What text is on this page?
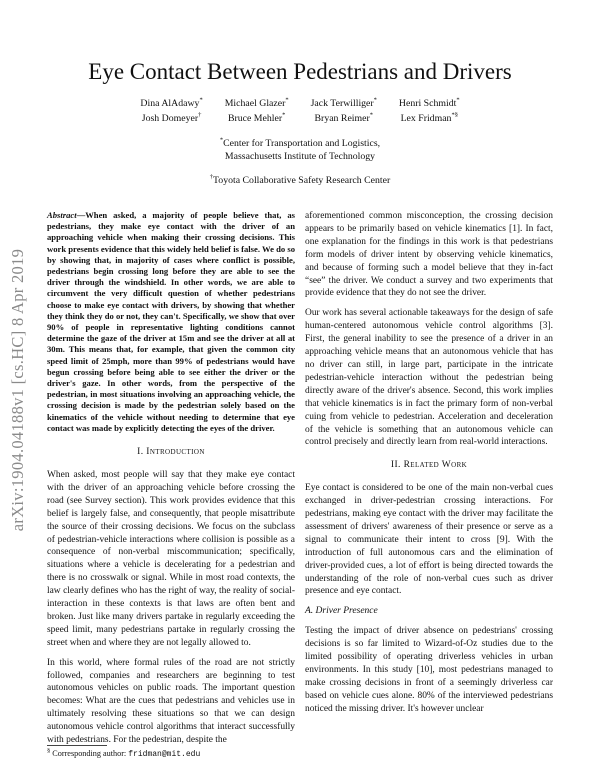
arXiv:1904.04188v1 [cs.HC] 8 Apr 2019
Eye Contact Between Pedestrians and Drivers
Dina AlAdawy* Michael Glazer* Jack Terwilliger* Henri Schmidt*
Josh Domeyer†	Bruce Mehler*	Bryan Reimer*	Lex Fridman*§
*Center for Transportation and Logistics,
Massachusetts Institute of Technology
†Toyota Collaborative Safety Research Center

Abstract—When asked, a majority of people believe that, as pedestrians, they make eye contact with the driver of an approaching vehicle when making their crossing decisions. This work presents evidence that this widely held belief is false. We do so by showing that, in majority of cases where conflict is possible, pedestrians begin crossing long before they are able to see the driver through the windshield. In other words, we are able to circumvent the very difficult question of whether pedestrians choose to make eye contact with drivers, by showing that whether they think they do or not, they can't. Specifically, we show that over 90% of people in representative lighting conditions cannot determine the gaze of the driver at 15m and see the driver at all at 30m. This means that, for example, that given the common city speed limit of 25mph, more than 99% of pedestrians would have begun crossing before being able to see either the driver or the driver's gaze. In other words, from the perspective of the pedestrian, in most situations involving an approaching vehicle, the crossing decision is made by the pedestrian solely based on the kinematics of the vehicle without needing to determine that eye contact was made by explicitly detecting the eyes of the driver.

I. Introduction

When asked, most people will say that they make eye contact with the driver of an approaching vehicle before crossing the road (see Survey section). This work provides evidence that this belief is largely false, and consequently, that people misattribute the source of their crossing decisions. We focus on the subclass of pedestrian-vehicle interactions where collision is possible as a consequence of non-verbal miscommunication; specifically, situations where a vehicle is decelerating for a pedestrian and there is no crosswalk or signal. While in most road contexts, the law clearly defines who has the right of way, the reality of social-interaction in these contexts is that laws are often bent and broken. Just like many drivers partake in regularly exceeding the speed limit, many pedestrians partake in regularly crossing the street when and where they are not legally allowed to.

In this world, where formal rules of the road are not strictly followed, companies and researchers are beginning to test autonomous vehicles on public roads. The important question becomes: What are the cues that pedestrians and vehicles use in ultimately resolving these situations so that we can design autonomous vehicle control algorithms that interact successfully with pedestrians. For the pedestrian, despite the

aforementioned common misconception, the crossing decision appears to be primarily based on vehicle kinematics [1]. In fact, one explanation for the findings in this work is that pedestrians form models of driver intent by observing vehicle kinematics, and because of forming such a model believe that they in-fact “see” the driver. We conduct a survey and two experiments that provide evidence that they do not see the driver.

Our work has several actionable takeaways for the design of safe human-centered autonomous vehicle control algorithms [3]. First, the general inability to see the presence of a driver in an approaching vehicle means that an autonomous vehicle that has no driver can still, in large part, participate in the intricate pedestrian-vehicle interaction without the pedestrian being directly aware of the driver's absence. Second, this work implies that vehicle kinematics is in fact the primary form of non-verbal cuing from vehicle to pedestrian. Acceleration and deceleration of the vehicle is something that an autonomous vehicle can control precisely and directly learn from real-world interactions.

II. Related Work

Eye contact is considered to be one of the main non-verbal cues exchanged in driver-pedestrian crossing interactions. For pedestrians, making eye contact with the driver may facilitate the assessment of drivers' awareness of their presence or serve as a signal to communicate their intent to cross [9]. With the introduction of full autonomous cars and the elimination of driver-provided cues, a lot of effort is being directed towards the understanding of the role of non-verbal cues such as driver presence and eye contact.

A. Driver Presence

Testing the impact of driver absence on pedestrians' crossing decisions is so far limited to Wizard-of-Oz studies due to the limited possibility of operating driverless vehicles in urban environments. In this study [10], most pedestrians managed to make crossing decisions in front of a seemingly driverless car based on vehicle cues alone. 80% of the interviewed pedestrians noticed the missing driver. It's however unclear

§ Corresponding author: fridman@mit.edu
